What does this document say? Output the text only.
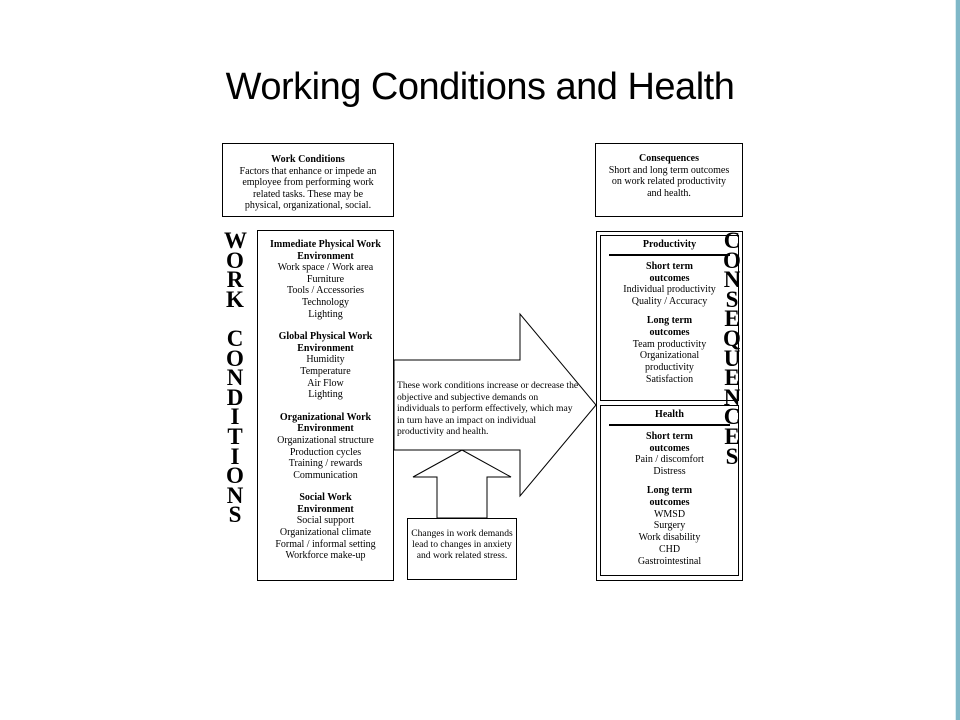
Working Conditions and Health
Work Conditions
Factors that enhance or impede an employee from performing work related tasks. These may be physical, organizational, social.
Consequences
Short and long term outcomes on work related productivity and health.
W
O
R
K

C
O
N
D
I
T
I
O
N
S
C
O
N
S
E
Q
U
E
N
C
E
S
Immediate Physical Work Environment
Work space / Work area
Furniture
Tools / Accessories
Technology
Lighting
Global Physical Work Environment
Humidity
Temperature
Air Flow
Lighting
Organizational Work Environment
Organizational structure
Production cycles
Training / rewards
Communication
Social Work Environment
Social support
Organizational climate
Formal / informal setting
Workforce make-up
These work conditions increase or decrease the objective and subjective demands on individuals to perform effectively, which may in turn have an impact on individual productivity and health.
Changes in work demands lead to changes in anxiety and work related stress.
Productivity
Short term outcomes
Individual productivity
Quality / Accuracy
Long term outcomes
Team productivity
Organizational productivity
Satisfaction
Health
Short term outcomes
Pain / discomfort
Distress
Long term outcomes
WMSD
Surgery
Work disability
CHD
Gastrointestinal
